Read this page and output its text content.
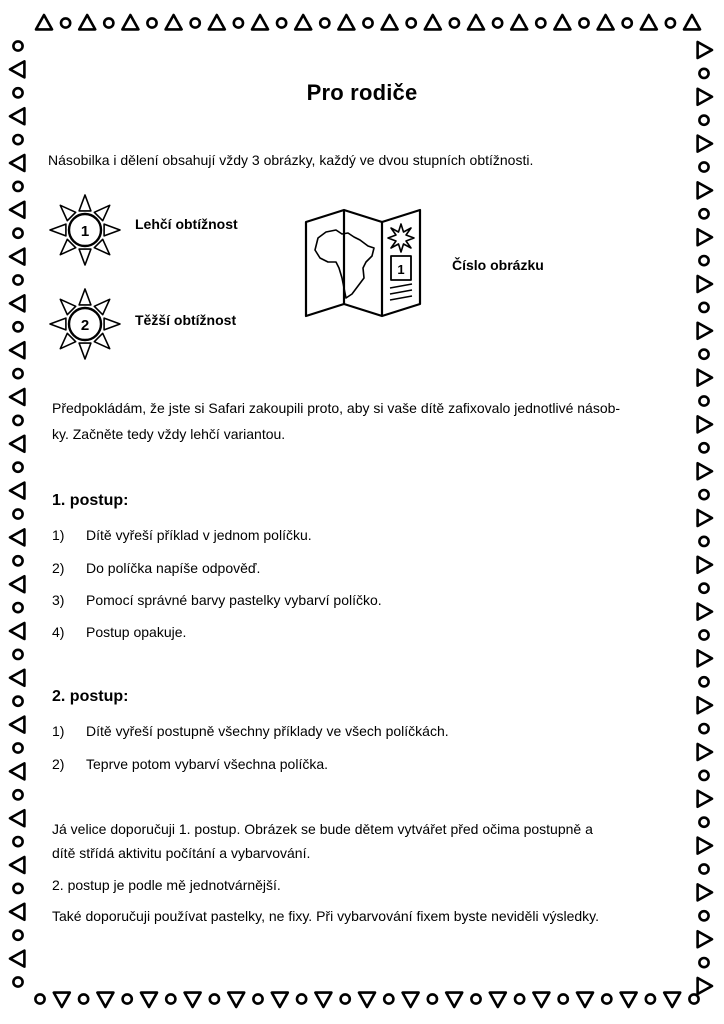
Pro rodiče
Násobilka i dělení obsahují vždy 3 obrázky, každý ve dvou stupních obtížnosti.
1	Lehčí obtížnost
2	Těžší obtížnost
1	Číslo obrázku
Předpokládám, že jste si Safari zakoupili proto, aby si vaše dítě zafixovalo jednotlivé násob-
ky. Začněte tedy vždy lehčí variantou.
1. postup:
1) Dítě vyřeší příklad v jednom políčku.
2) Do políčka napíše odpověď.
3) Pomocí správné barvy pastelky vybarví políčko.
4) Postup opakuje.
2. postup:
1) Dítě vyřeší postupně všechny příklady ve všech políčkách.
2) Teprve potom vybarví všechna políčka.
Já velice doporučuji 1. postup. Obrázek se bude dětem vytvářet před očima postupně a
dítě střídá aktivitu počítání a vybarvování.
2. postup je podle mě jednotvárnější.
Také doporučuji používat pastelky, ne fixy. Při vybarvování fixem byste neviděli výsledky.
